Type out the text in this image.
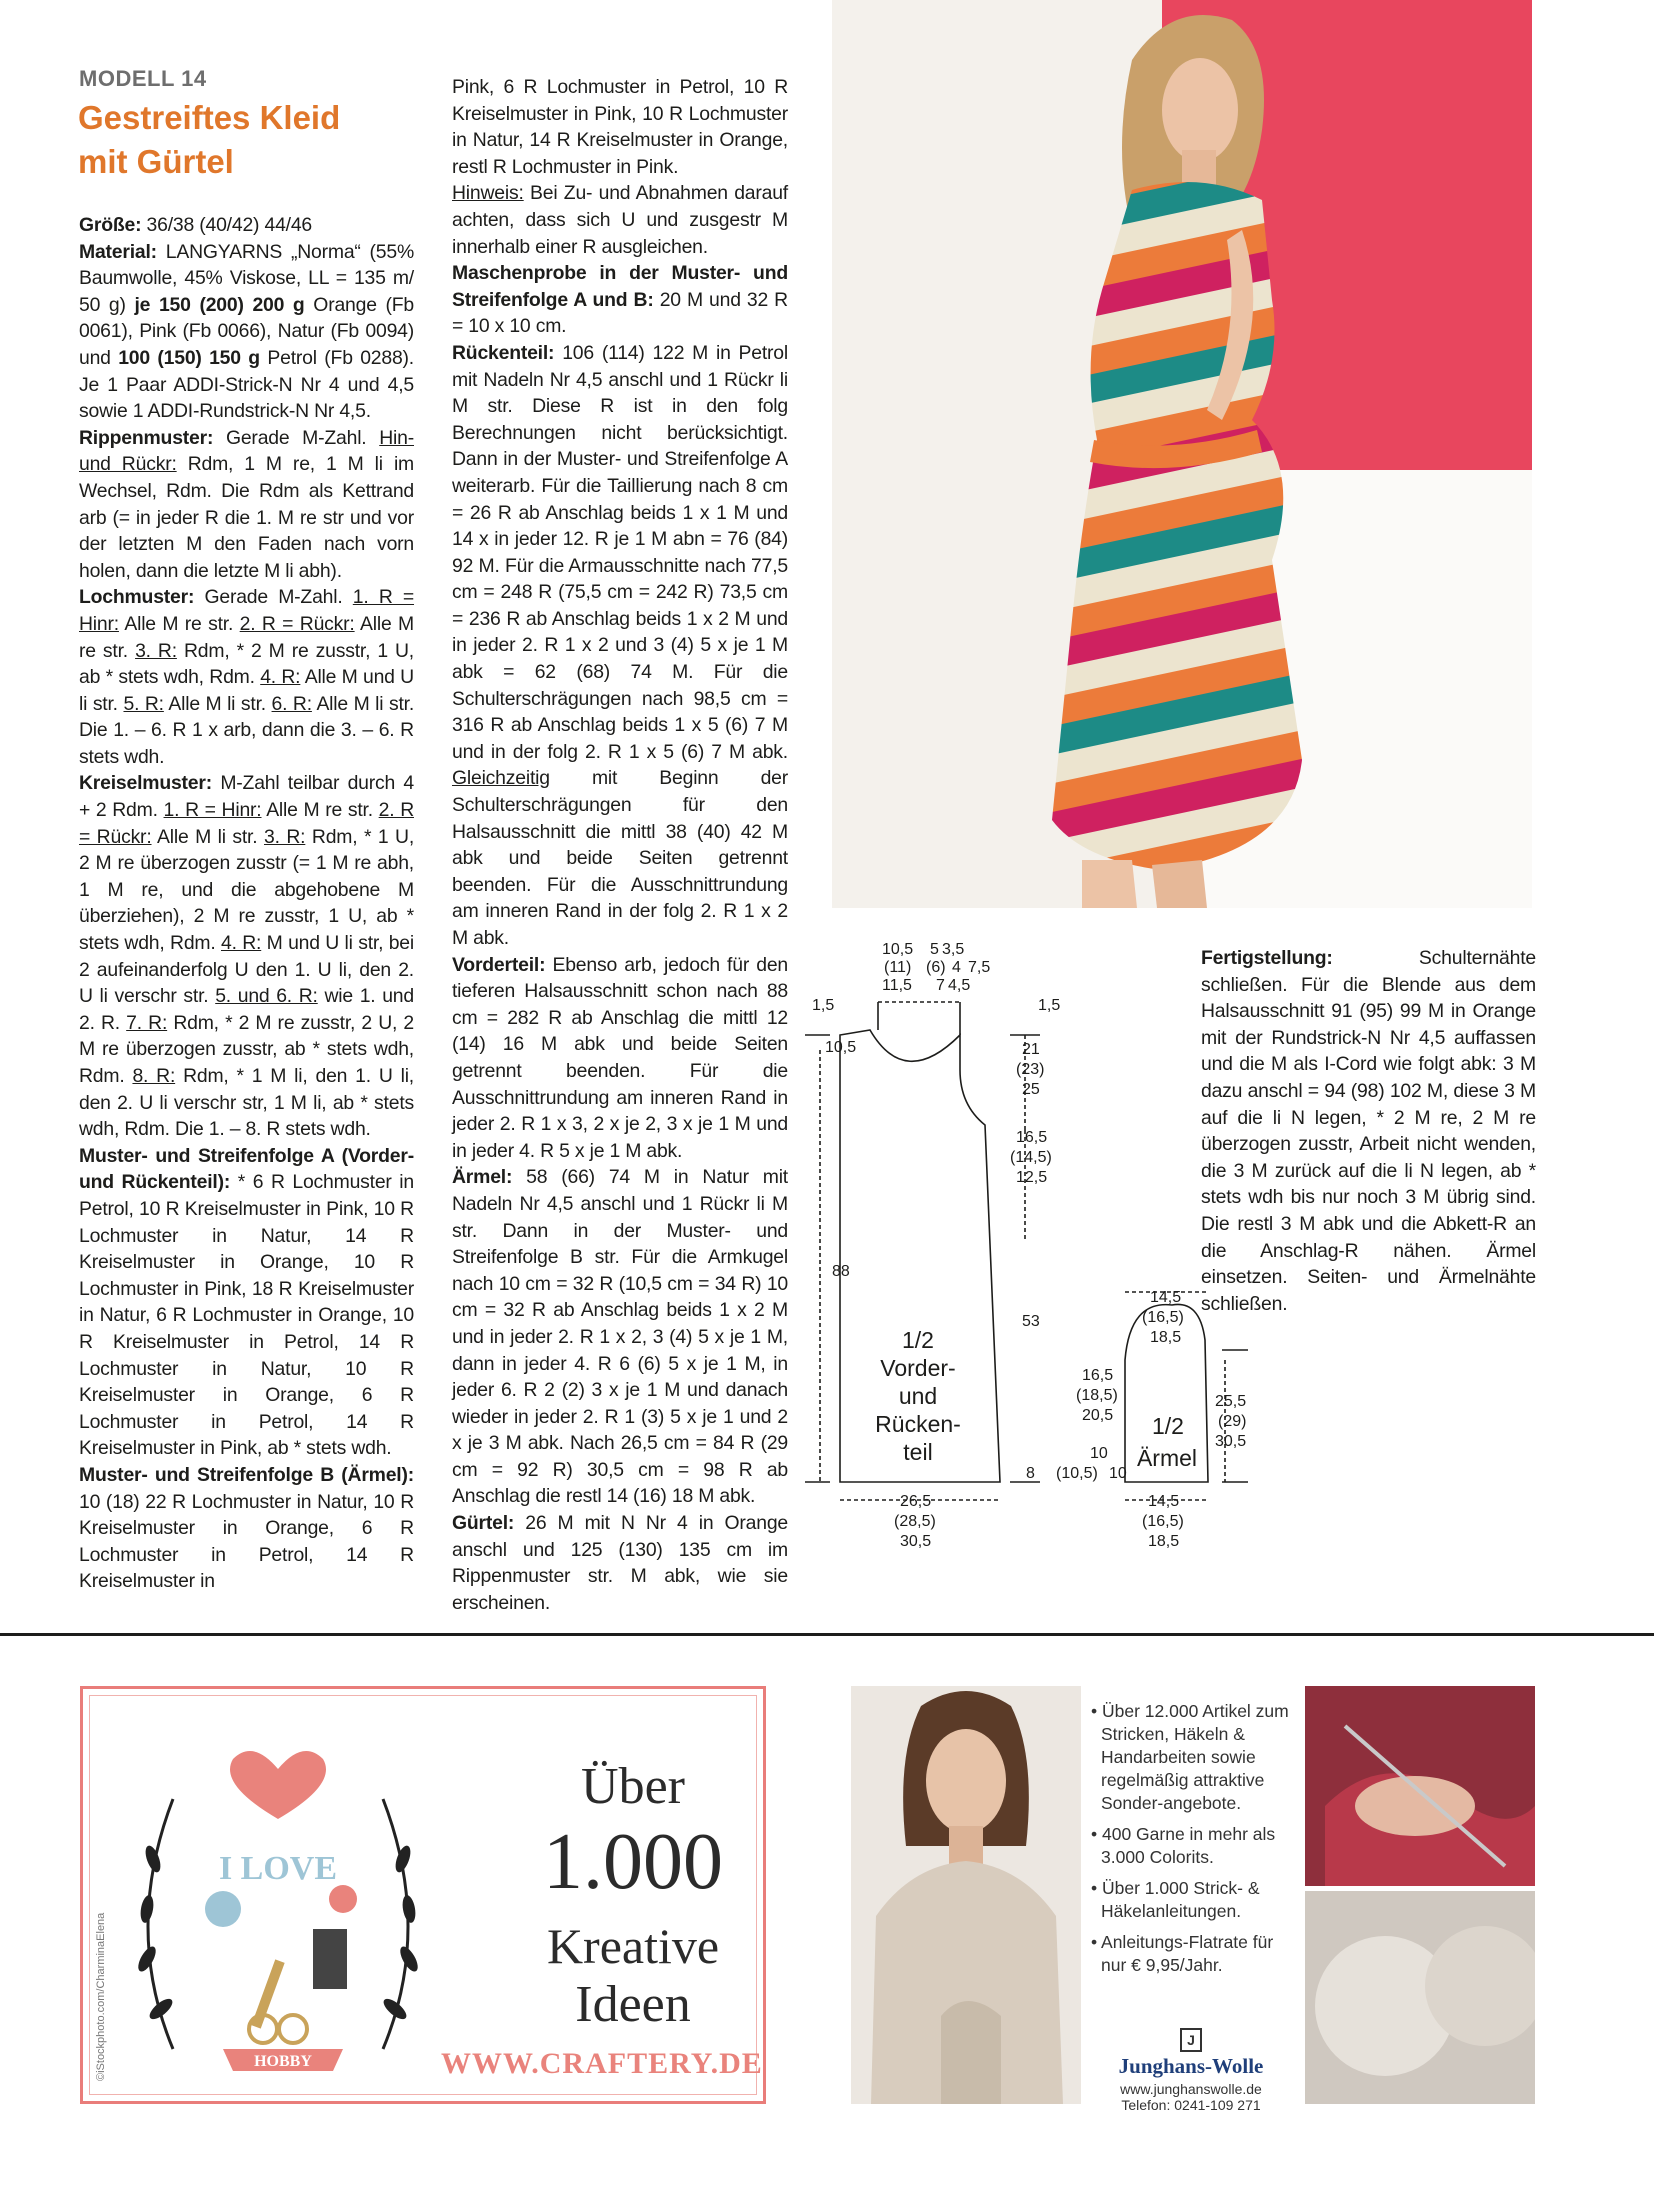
MODELL 14
Gestreiftes Kleid
mit Gürtel

Größe: 36/38 (40/42) 44/46

Material: LANGYARNS „Norma“ (55% Baumwolle, 45% Viskose, LL = 135 m/ 50 g) je 150 (200) 200 g Orange (Fb 0061), Pink (Fb 0066), Natur (Fb 0094) und 100 (150) 150 g Petrol (Fb 0288). Je 1 Paar ADDI-Strick-N Nr 4 und 4,5 sowie 1 ADDI-Rundstrick-N Nr 4,5.

Rippenmuster: Gerade M-Zahl. Hin- und Rückr: Rdm, 1 M re, 1 M li im Wechsel, Rdm. Die Rdm als Kettrand arb (= in jeder R die 1. M re str und vor der letzten M den Faden nach vorn holen, dann die letzte M li abh).

Lochmuster: Gerade M-Zahl. 1. R = Hinr: Alle M re str. 2. R = Rückr: Alle M re str. 3. R: Rdm, * 2 M re zusstr, 1 U, ab * stets wdh, Rdm. 4. R: Alle M und U li str. 5. R: Alle M li str. 6. R: Alle M li str. Die 1. – 6. R 1 x arb, dann die 3. – 6. R stets wdh.

Kreiselmuster: M-Zahl teilbar durch 4 + 2 Rdm. 1. R = Hinr: Alle M re str. 2. R = Rückr: Alle M li str. 3. R: Rdm, * 1 U, 2 M re überzogen zusstr (= 1 M re abh, 1 M re, und die abgehobene M überziehen), 2 M re zusstr, 1 U, ab * stets wdh, Rdm. 4. R: M und U li str, bei 2 aufeinanderfolg U den 1. U li, den 2. U li verschr str. 5. und 6. R: wie 1. und 2. R. 7. R: Rdm, * 2 M re zusstr, 2 U, 2 M re überzogen zusstr, ab * stets wdh, Rdm. 8. R: Rdm, * 1 M li, den 1. U li, den 2. U li verschr str, 1 M li, ab * stets wdh, Rdm. Die 1. – 8. R stets wdh.

Muster- und Streifenfolge A (Vorder- und Rückenteil): * 6 R Lochmuster in Petrol, 10 R Kreiselmuster in Pink, 10 R Lochmuster in Natur, 14 R Kreiselmuster in Orange, 10 R Lochmuster in Pink, 18 R Kreiselmuster in Natur, 6 R Lochmuster in Orange, 10 R Kreiselmuster in Petrol, 14 R Lochmuster in Natur, 10 R Kreiselmuster in Orange, 6 R Lochmuster in Petrol, 14 R Kreiselmuster in Pink, ab * stets wdh.

Muster- und Streifenfolge B (Ärmel): 10 (18) 22 R Lochmuster in Natur, 10 R Kreiselmuster in Orange, 6 R Lochmuster in Petrol, 14 R Kreiselmuster in

Pink, 6 R Lochmuster in Petrol, 10 R Kreiselmuster in Pink, 10 R Lochmuster in Natur, 14 R Kreiselmuster in Orange, restl R Lochmuster in Pink.

Hinweis: Bei Zu- und Abnahmen darauf achten, dass sich U und zusgestr M innerhalb einer R ausgleichen.

Maschenprobe in der Muster- und Streifenfolge A und B: 20 M und 32 R = 10 x 10 cm.

Rückenteil: 106 (114) 122 M in Petrol mit Nadeln Nr 4,5 anschl und 1 Rückr li M str. Diese R ist in den folg Berechnungen nicht berücksichtigt. Dann in der Muster- und Streifenfolge A weiterarb. Für die Taillierung nach 8 cm = 26 R ab Anschlag beids 1 x 1 M und 14 x in jeder 12. R je 1 M abn = 76 (84) 92 M. Für die Armausschnitte nach 77,5 cm = 248 R (75,5 cm = 242 R) 73,5 cm = 236 R ab Anschlag beids 1 x 2 M und in jeder 2. R 1 x 2 und 3 (4) 5 x je 1 M abk = 62 (68) 74 M. Für die Schulterschrägungen nach 98,5 cm = 316 R ab Anschlag beids 1 x 5 (6) 7 M und in der folg 2. R 1 x 5 (6) 7 M abk. Gleichzeitig mit Beginn der Schulterschrägungen für den Halsausschnitt die mittl 38 (40) 42 M abk und beide Seiten getrennt beenden. Für die Ausschnittrundung am inneren Rand in der folg 2. R 1 x 2 M abk.

Vorderteil: Ebenso arb, jedoch für den tieferen Halsausschnitt schon nach 88 cm = 282 R ab Anschlag die mittl 12 (14) 16 M abk und beide Seiten getrennt beenden. Für die Ausschnittrundung am inneren Rand in jeder 2. R 1 x 3, 2 x je 2, 3 x je 1 M und in jeder 4. R 5 x je 1 M abk.

Ärmel: 58 (66) 74 M in Natur mit Nadeln Nr 4,5 anschl und 1 Rückr li M str. Dann in der Muster- und Streifenfolge B str. Für die Armkugel nach 10 cm = 32 R (10,5 cm = 34 R) 10 cm = 32 R ab Anschlag beids 1 x 2 M und in jeder 2. R 1 x 2, 3 (4) 5 x je 1 M, dann in jeder 4. R 6 (6) 5 x je 1 M, in jeder 6. R 2 (2) 3 x je 1 M und danach wieder in jeder 2. R 1 (3) 5 x je 1 und 2 x je 3 M abk. Nach 26,5 cm = 84 R (29 cm = 92 R) 30,5 cm = 98 R ab Anschlag die restl 14 (16) 18 M abk.

Gürtel: 26 M mit N Nr 4 in Orange anschl und 125 (130) 135 cm im Rippenmuster str. M abk, wie sie erscheinen.

Fertigstellung: Schulternähte schließen. Für die Blende aus dem Halsausschnitt 91 (95) 99 M in Orange mit der Rundstrick-N Nr 4,5 auffassen und die M als I-Cord wie folgt abk: 3 M dazu anschl = 94 (98) 102 M, diese 3 M auf die li N legen, * 2 M re, 2 M re überzogen zusstr, Arbeit nicht wenden, die 3 M zurück auf die li N legen, ab * stets wdh bis nur noch 3 M übrig sind. Die restl 3 M abk und die Abkett-R an die Anschlag-R nähen. Ärmel einsetzen. Seiten- und Ärmelnähte schließen.

10,5 5 3,5
(11) (6) 4 7,5
11,5 7 4,5
1,5
10,5
88
1,5
21
(23)
25
16,5
(14,5)
12,5
53
8
1/2
Vorder-
und
Rücken-
teil
26,5
(28,5)
30,5
14,5
(16,5)
18,5
16,5
(18,5)
20,5
10
(10,5) 10
25,5
(29)
30,5
1/2
Ärmel
14,5
(16,5)
18,5
HOBBY
I LOVE
Über
1.000
Kreative
Ideen
WWW.CRAFTERY.DE
©iStockphoto.com/CharminaElena
• Über 12.000 Artikel zum Stricken, Häkeln & Handarbeiten sowie regelmäßig attraktive Sonder-angebote.
• 400 Garne in mehr als 3.000 Colorits.
• Über 1.000 Strick- & Häkelanleitungen.
• Anleitungs-Flatrate für nur € 9,95/Jahr.
J
Junghans-Wolle
www.junghanswolle.de
Telefon: 0241-109 271
